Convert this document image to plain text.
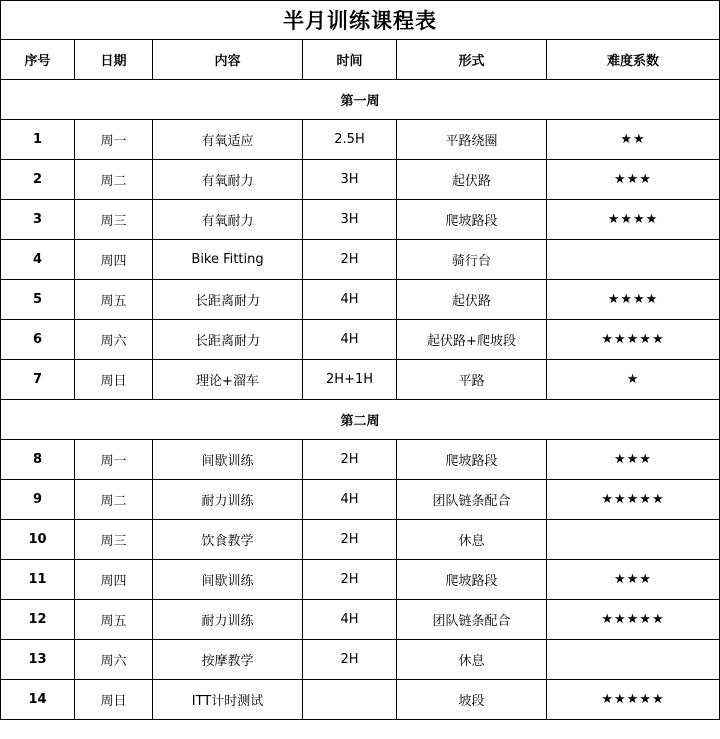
半月训练课程表					
序号	日期	内容	时间	形式	难度系数
第一周					
1	周一	有氧适应	2.5H	平路绕圈	★★
2	周二	有氧耐力	3H	起伏路	★★★
3	周三	有氧耐力	3H	爬坡路段	★★★★
4	周四	Bike Fitting	2H	骑行台	
5	周五	长距离耐力	4H	起伏路	★★★★
6	周六	长距离耐力	4H	起伏路+爬坡段	★★★★★
7	周日	理论+溜车	2H+1H	平路	★
第二周					
8	周一	间歇训练	2H	爬坡路段	★★★
9	周二	耐力训练	4H	团队链条配合	★★★★★
10	周三	饮食教学	2H	休息	
11	周四	间歇训练	2H	爬坡路段	★★★
12	周五	耐力训练	4H	团队链条配合	★★★★★
13	周六	按摩教学	2H	休息	
14	周日	ITT计时测试		坡段	★★★★★
